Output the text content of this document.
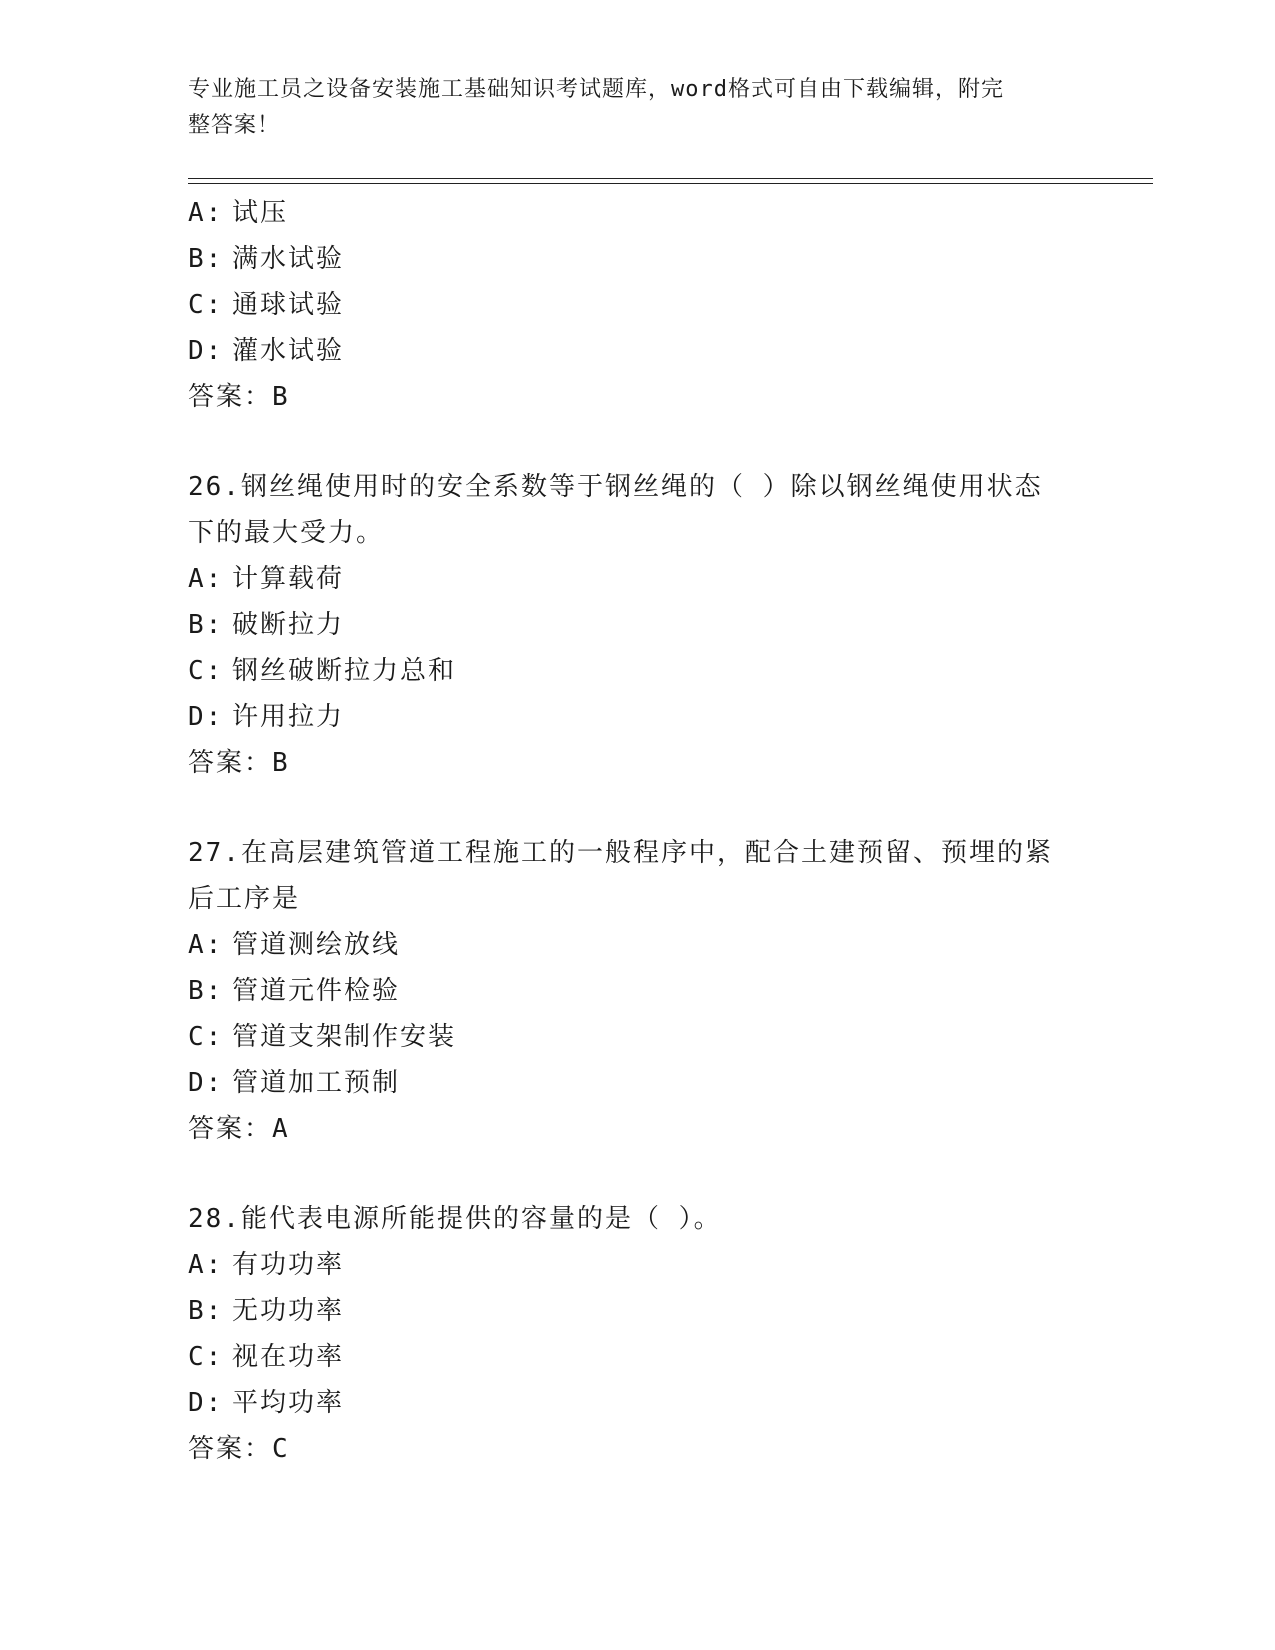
专业施工员之设备安装施工基础知识考试题库，word格式可自由下载编辑，附完
整答案！
A: 试压
B: 满水试验
C: 通球试验
D: 灌水试验
答案：B
26.钢丝绳使用时的安全系数等于钢丝绳的（ ）除以钢丝绳使用状态
下的最大受力。
A: 计算载荷
B: 破断拉力
C: 钢丝破断拉力总和
D: 许用拉力
答案：B
27.在高层建筑管道工程施工的一般程序中，配合土建预留、预埋的紧
后工序是
A: 管道测绘放线
B: 管道元件检验
C: 管道支架制作安装
D: 管道加工预制
答案：A
28.能代表电源所能提供的容量的是（ ）。
A: 有功功率
B: 无功功率
C: 视在功率
D: 平均功率
答案：C
